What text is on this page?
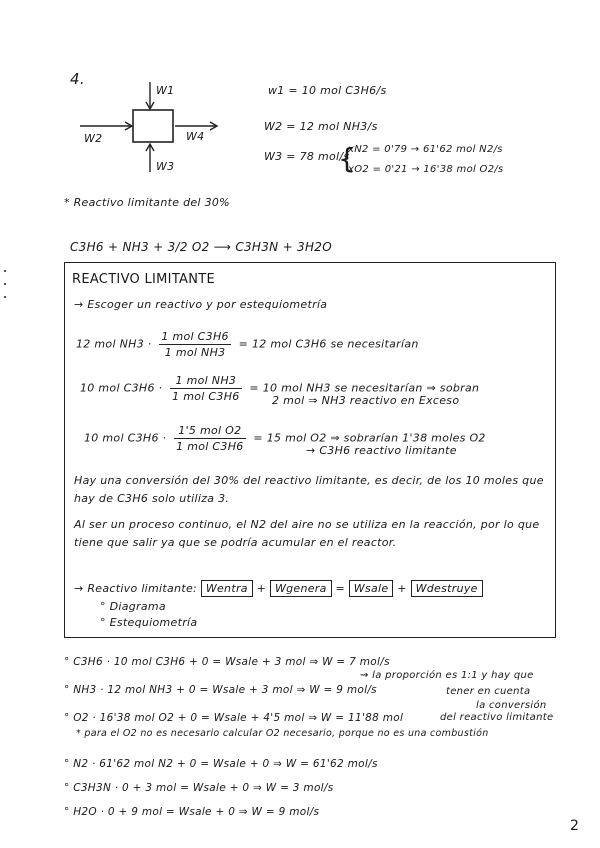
4.
W1
W2
W3
W4
w1 = 10 mol C3H6/s
W2 = 12 mol NH3/s
W3 = 78 mol/s
xN2 = 0'79 → 61'62 mol N2/s
xO2 = 0'21 → 16'38 mol O2/s
{
* Reactivo limitante del 30%
C3H6 + NH3 + 3/2 O2 ⟶ C3H3N + 3H2O
REACTIVO LIMITANTE
→ Escoger un reactivo y por estequiometría
12 mol $NH3 \cdot \frac{\text{1 mol C3H6}}{\text{1 mol NH3}} = 12$ mol C3H6 se necesitarían
10 mol $C3H6 \cdot \frac{\text{1 mol NH3}}{\text{1 mol C3H6}} = 10$ mol NH3 se necesitarían ⇒ sobran
2 mol ⇒ NH3 reactivo en Exceso
10 mol $C3H6 \cdot \frac{\text{1'5 mol O2}}{\text{1 mol C3H6}} = 15$ mol O2 ⇒ sobrarían 1'38 moles O2
→ C3H6 reactivo limitante
Hay una conversión del 30% del reactivo limitante, es decir, de los 10 moles que hay de C3H6 solo utiliza 3.
Al ser un proceso continuo, el N2 del aire no se utiliza en la reacción, por lo que tiene que salir ya que se podría acumular en el reactor.
→ Reactivo limitante: Wentra + Wgenera = Wsale + Wdestruye
° Diagrama
° Estequiometría
° C3H6 · 10 mol C3H6 + 0 = Wsale + 3 mol ⇒ W = 7 mol/s
⇝ la proporción es 1:1 y hay que
° NH3 · 12 mol NH3 + 0 = Wsale + 3 mol ⇒ W = 9 mol/s	tener en cuenta
la conversión
° O2 · 16'38 mol O2 + 0 = Wsale + 4'5 mol ⇒ W = 11'88 mol	del reactivo limitante
* para el O2 no es necesario calcular O2 necesario, porque no es una combustión
° N2 · 61'62 mol N2 + 0 = Wsale + 0 ⇒ W = 61'62 mol/s
° C3H3N · 0 + 3 mol = Wsale + 0 ⇒ W = 3 mol/s
° H2O · 0 + 9 mol = Wsale + 0 ⇒ W = 9 mol/s
2
